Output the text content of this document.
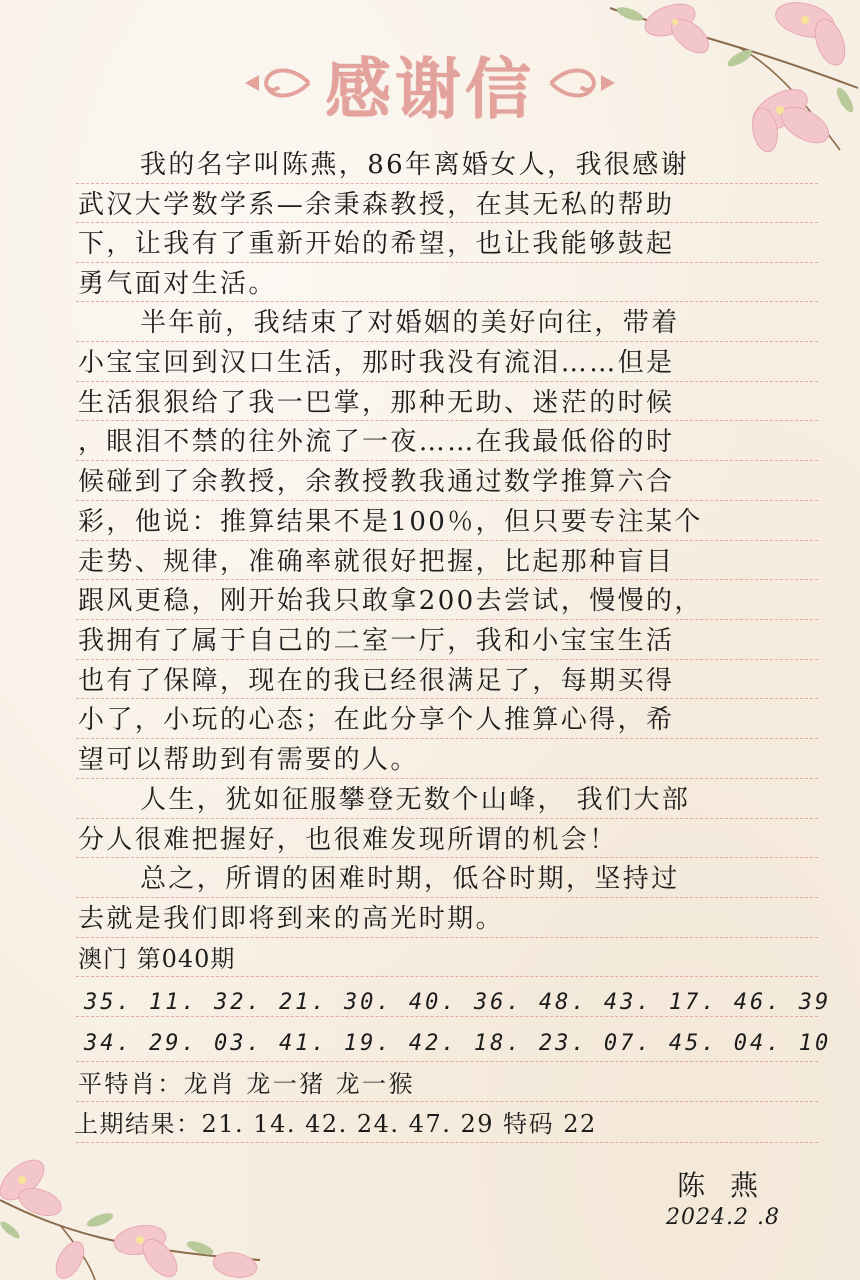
感谢信
我的名字叫陈燕，86年离婚女人，我很感谢
武汉大学数学系—余秉森教授，在其无私的帮助
下，让我有了重新开始的希望，也让我能够鼓起
勇气面对生活。
半年前，我结束了对婚姻的美好向往，带着
小宝宝回到汉口生活，那时我没有流泪……但是
生活狠狠给了我一巴掌，那种无助、迷茫的时候
，眼泪不禁的往外流了一夜……在我最低俗的时
候碰到了余教授，余教授教我通过数学推算六合
彩，他说：推算结果不是100％，但只要专注某个
走势、规律，准确率就很好把握，比起那种盲目
跟风更稳，刚开始我只敢拿200去尝试，慢慢的，
我拥有了属于自己的二室一厅，我和小宝宝生活
也有了保障，现在的我已经很满足了，每期买得
小了，小玩的心态；在此分享个人推算心得，希
望可以帮助到有需要的人。
人生，犹如征服攀登无数个山峰， 我们大部
分人很难把握好，也很难发现所谓的机会！
总之，所谓的困难时期，低谷时期，坚持过
去就是我们即将到来的高光时期。
澳门 第040期
35. 11. 32. 21. 30. 40. 36. 48. 43. 17. 46. 39
34. 29. 03. 41. 19. 42. 18. 23. 07. 45. 04. 10
平特肖：龙肖 龙一猪 龙一猴
上期结果：21. 14. 42. 24. 47. 29 特码 22
陈 燕
2024.2 .8
